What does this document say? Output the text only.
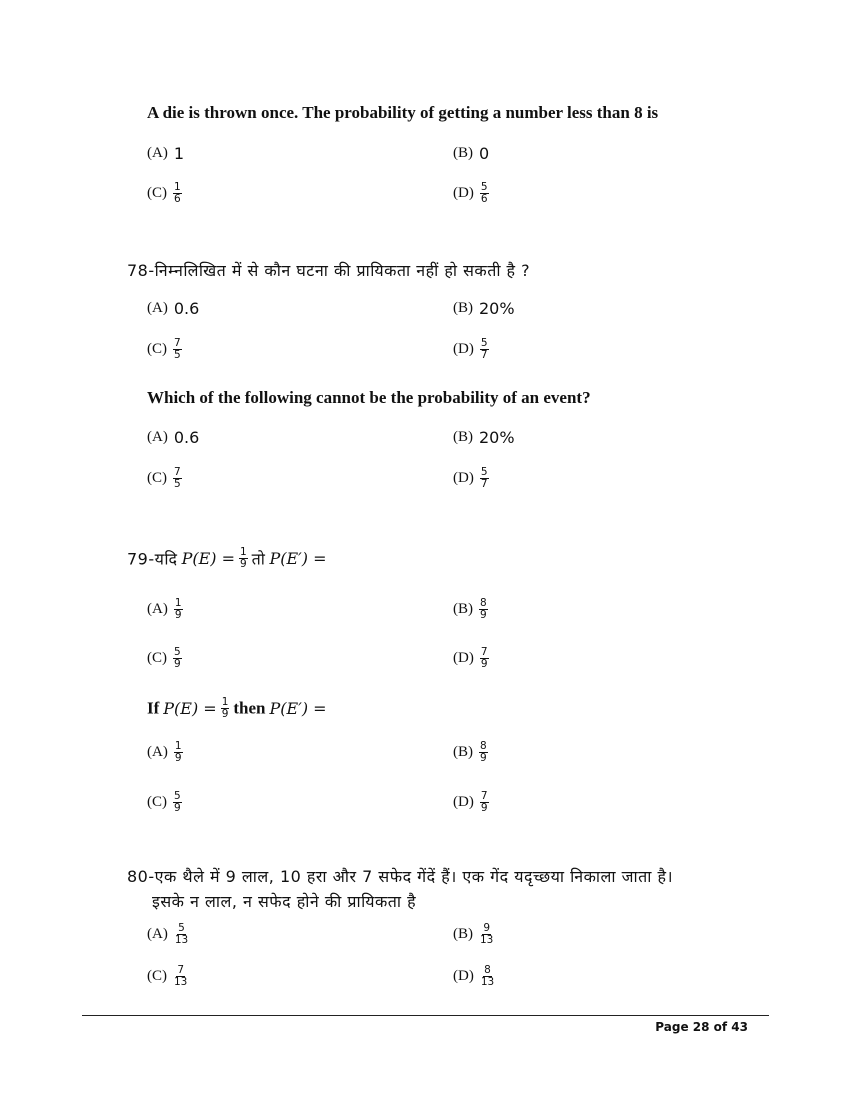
A die is thrown once. The probability of getting a number less than 8 is
(A) 1	(B) 0
$(C) \frac{1}{6}$	$(D) \frac{5}{6}$
78-निम्नलिखित में से कौन घटना की प्रायिकता नहीं हो सकती है ?
(A) 0.6	(B) 20%
$(C) \frac{7}{5}$	$(D) \frac{5}{7}$
Which of the following cannot be the probability of an event?
(A) 0.6	(B) 20%
$(C) \frac{7}{5}$	$(D) \frac{5}{7}$
79-यदि $P(E) = \frac{1}{9}$ तो P(E′) =
$(A) \frac{1}{9}$	$(B) \frac{8}{9}$
$(C) \frac{5}{9}$	$(D) \frac{7}{9}$
If $P(E) = \frac{1}{9}$ then P(E′) =
$(A) \frac{1}{9}$	$(B) \frac{8}{9}$
$(C) \frac{5}{9}$	$(D) \frac{7}{9}$
80-एक थैले में 9 लाल, 10 हरा और 7 सफेद गेंदें हैं। एक गेंद यदृच्छया निकाला जाता है।
इसके न लाल, न सफेद होने की प्रायिकता है
$(A) \frac{5}{13}$	$(B) \frac{9}{13}$
$(C) \frac{7}{13}$	$(D) \frac{8}{13}$
Page 28 of 43
